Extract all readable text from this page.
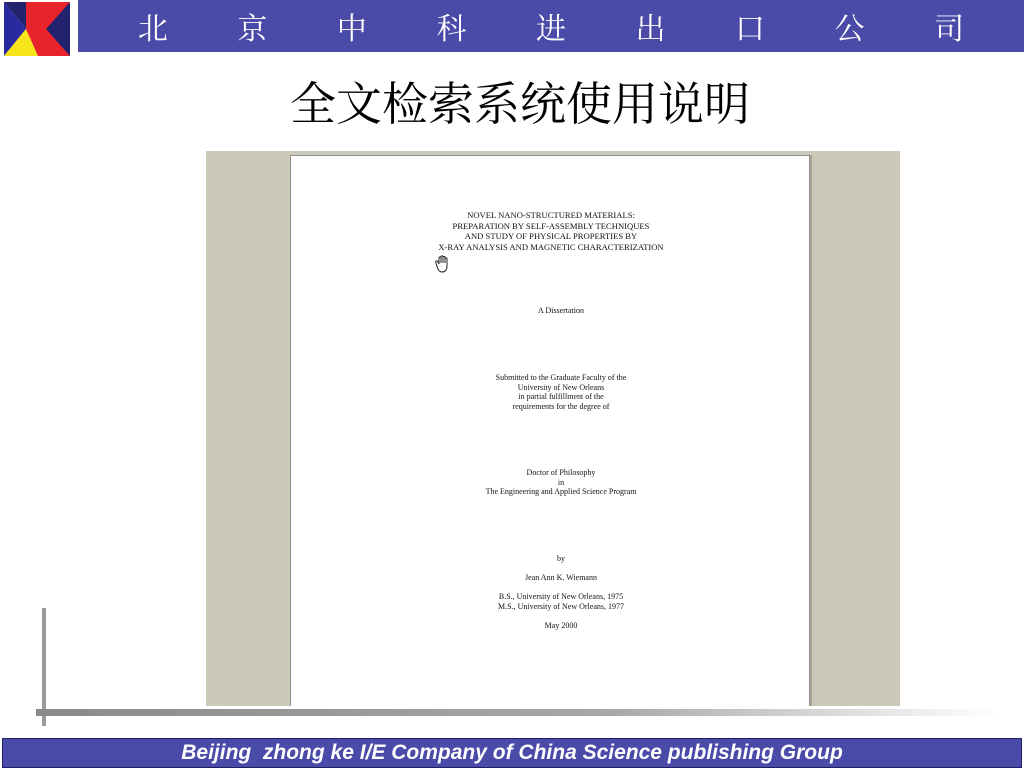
北 京 中 科 进 出 口 公 司
全文检索系统使用说明
NOVEL NANO-STRUCTURED MATERIALS:
PREPARATION BY SELF-ASSEMBLY TECHNIQUES
AND STUDY OF PHYSICAL PROPERTIES BY
X-RAY ANALYSIS AND MAGNETIC CHARACTERIZATION
A Dissertation
Submitted to the Graduate Faculty of the
University of New Orleans
in partial fulfillment of the
requirements for the degree of
Doctor of Philosophy
in
The Engineering and Applied Science Program
by
Jean Ann K. Wiemann
B.S., University of New Orleans, 1975
M.S., University of New Orleans, 1977
May 2000
Beijing  zhong ke I/E Company of China Science publishing Group
